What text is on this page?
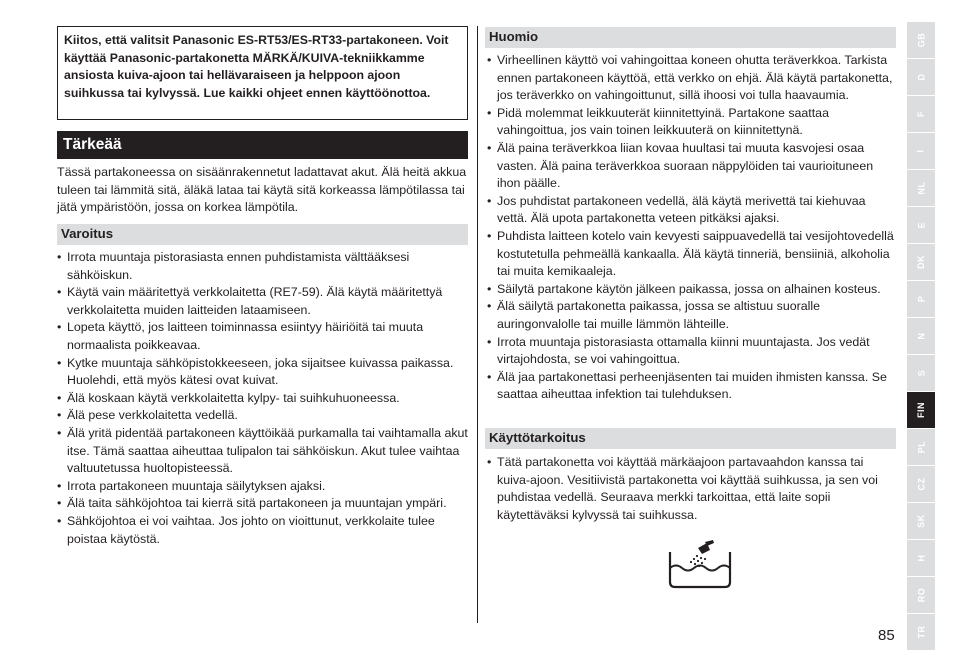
Kiitos, että valitsit Panasonic ES-RT53/ES-RT33-partakoneen. Voit käyttää Panasonic-partakonetta MÄRKÄ/KUIVA-tekniikkamme ansiosta kuiva-ajoon tai hellävaraiseen ja helppoon ajoon suihkussa tai kylvyssä. Lue kaikki ohjeet ennen käyttöönottoa.

Tärkeää

Tässä partakoneessa on sisäänrakennetut ladattavat akut. Älä heitä akkua tuleen tai lämmitä sitä, äläkä lataa tai käytä sitä korkeassa lämpötilassa tai jätä ympäristöön, jossa on korkea lämpötila.

Varoitus
• Irrota muuntaja pistorasiasta ennen puhdistamista välttääksesi sähköiskun.
• Käytä vain määritettyä verkkolaitetta (RE7-59). Älä käytä määritettyä verkkolaitetta muiden laitteiden lataamiseen.
• Lopeta käyttö, jos laitteen toiminnassa esiintyy häiriöitä tai muuta normaalista poikkeavaa.
• Kytke muuntaja sähköpistokkeeseen, joka sijaitsee kuivassa paikassa. Huolehdi, että myös kätesi ovat kuivat.
• Älä koskaan käytä verkkolaitetta kylpy- tai suihkuhuoneessa.
• Älä pese verkkolaitetta vedellä.
• Älä yritä pidentää partakoneen käyttöikää purkamalla tai vaihtamalla akut itse. Tämä saattaa aiheuttaa tulipalon tai sähköiskun. Akut tulee vaihtaa valtuutetussa huoltopisteessä.
• Irrota partakoneen muuntaja säilytyksen ajaksi.
• Älä taita sähköjohtoa tai kierrä sitä partakoneen ja muuntajan ympäri.
• Sähköjohtoa ei voi vaihtaa. Jos johto on vioittunut, verkkolaite tulee poistaa käytöstä.
Huomio
• Virheellinen käyttö voi vahingoittaa koneen ohutta teräverkkoa. Tarkista ennen partakoneen käyttöä, että verkko on ehjä. Älä käytä partakonetta, jos teräverkko on vahingoittunut, sillä ihoosi voi tulla haavaumia.
• Pidä molemmat leikkuuterät kiinnitettyinä. Partakone saattaa vahingoittua, jos vain toinen leikkuuterä on kiinnitettynä.
• Älä paina teräverkkoa liian kovaa huultasi tai muuta kasvojesi osaa vasten. Älä paina teräverkkoa suoraan näppylöiden tai vaurioituneen ihon päälle.
• Jos puhdistat partakoneen vedellä, älä käytä merivettä tai kiehuvaa vettä. Älä upota partakonetta veteen pitkäksi ajaksi.
• Puhdista laitteen kotelo vain kevyesti saippuavedellä tai vesijohtovedellä kostutetulla pehmeällä kankaalla. Älä käytä tinneriä, bensiiniä, alkoholia tai muita kemikaaleja.
• Säilytä partakone käytön jälkeen paikassa, jossa on alhainen kosteus.
• Älä säilytä partakonetta paikassa, jossa se altistuu suoralle auringonvalolle tai muille lämmön lähteille.
• Irrota muuntaja pistorasiasta ottamalla kiinni muuntajasta. Jos vedät virtajohdosta, se voi vahingoittua.
• Älä jaa partakonettasi perheenjäsenten tai muiden ihmisten kanssa. Se saattaa aiheuttaa infektion tai tulehduksen.
Käyttötarkoitus
• Tätä partakonetta voi käyttää märkäajoon partavaahdon kanssa tai kuiva-ajoon. Vesitiivistä partakonetta voi käyttää suihkussa, ja sen voi puhdistaa vedellä. Seuraava merkki tarkoittaa, että laite sopii käytettäväksi kylvyssä tai suihkussa.
GB
D
F
I
NL
E
DK
P
N
S
FIN
PL
CZ
SK
H
RO
TR
85
